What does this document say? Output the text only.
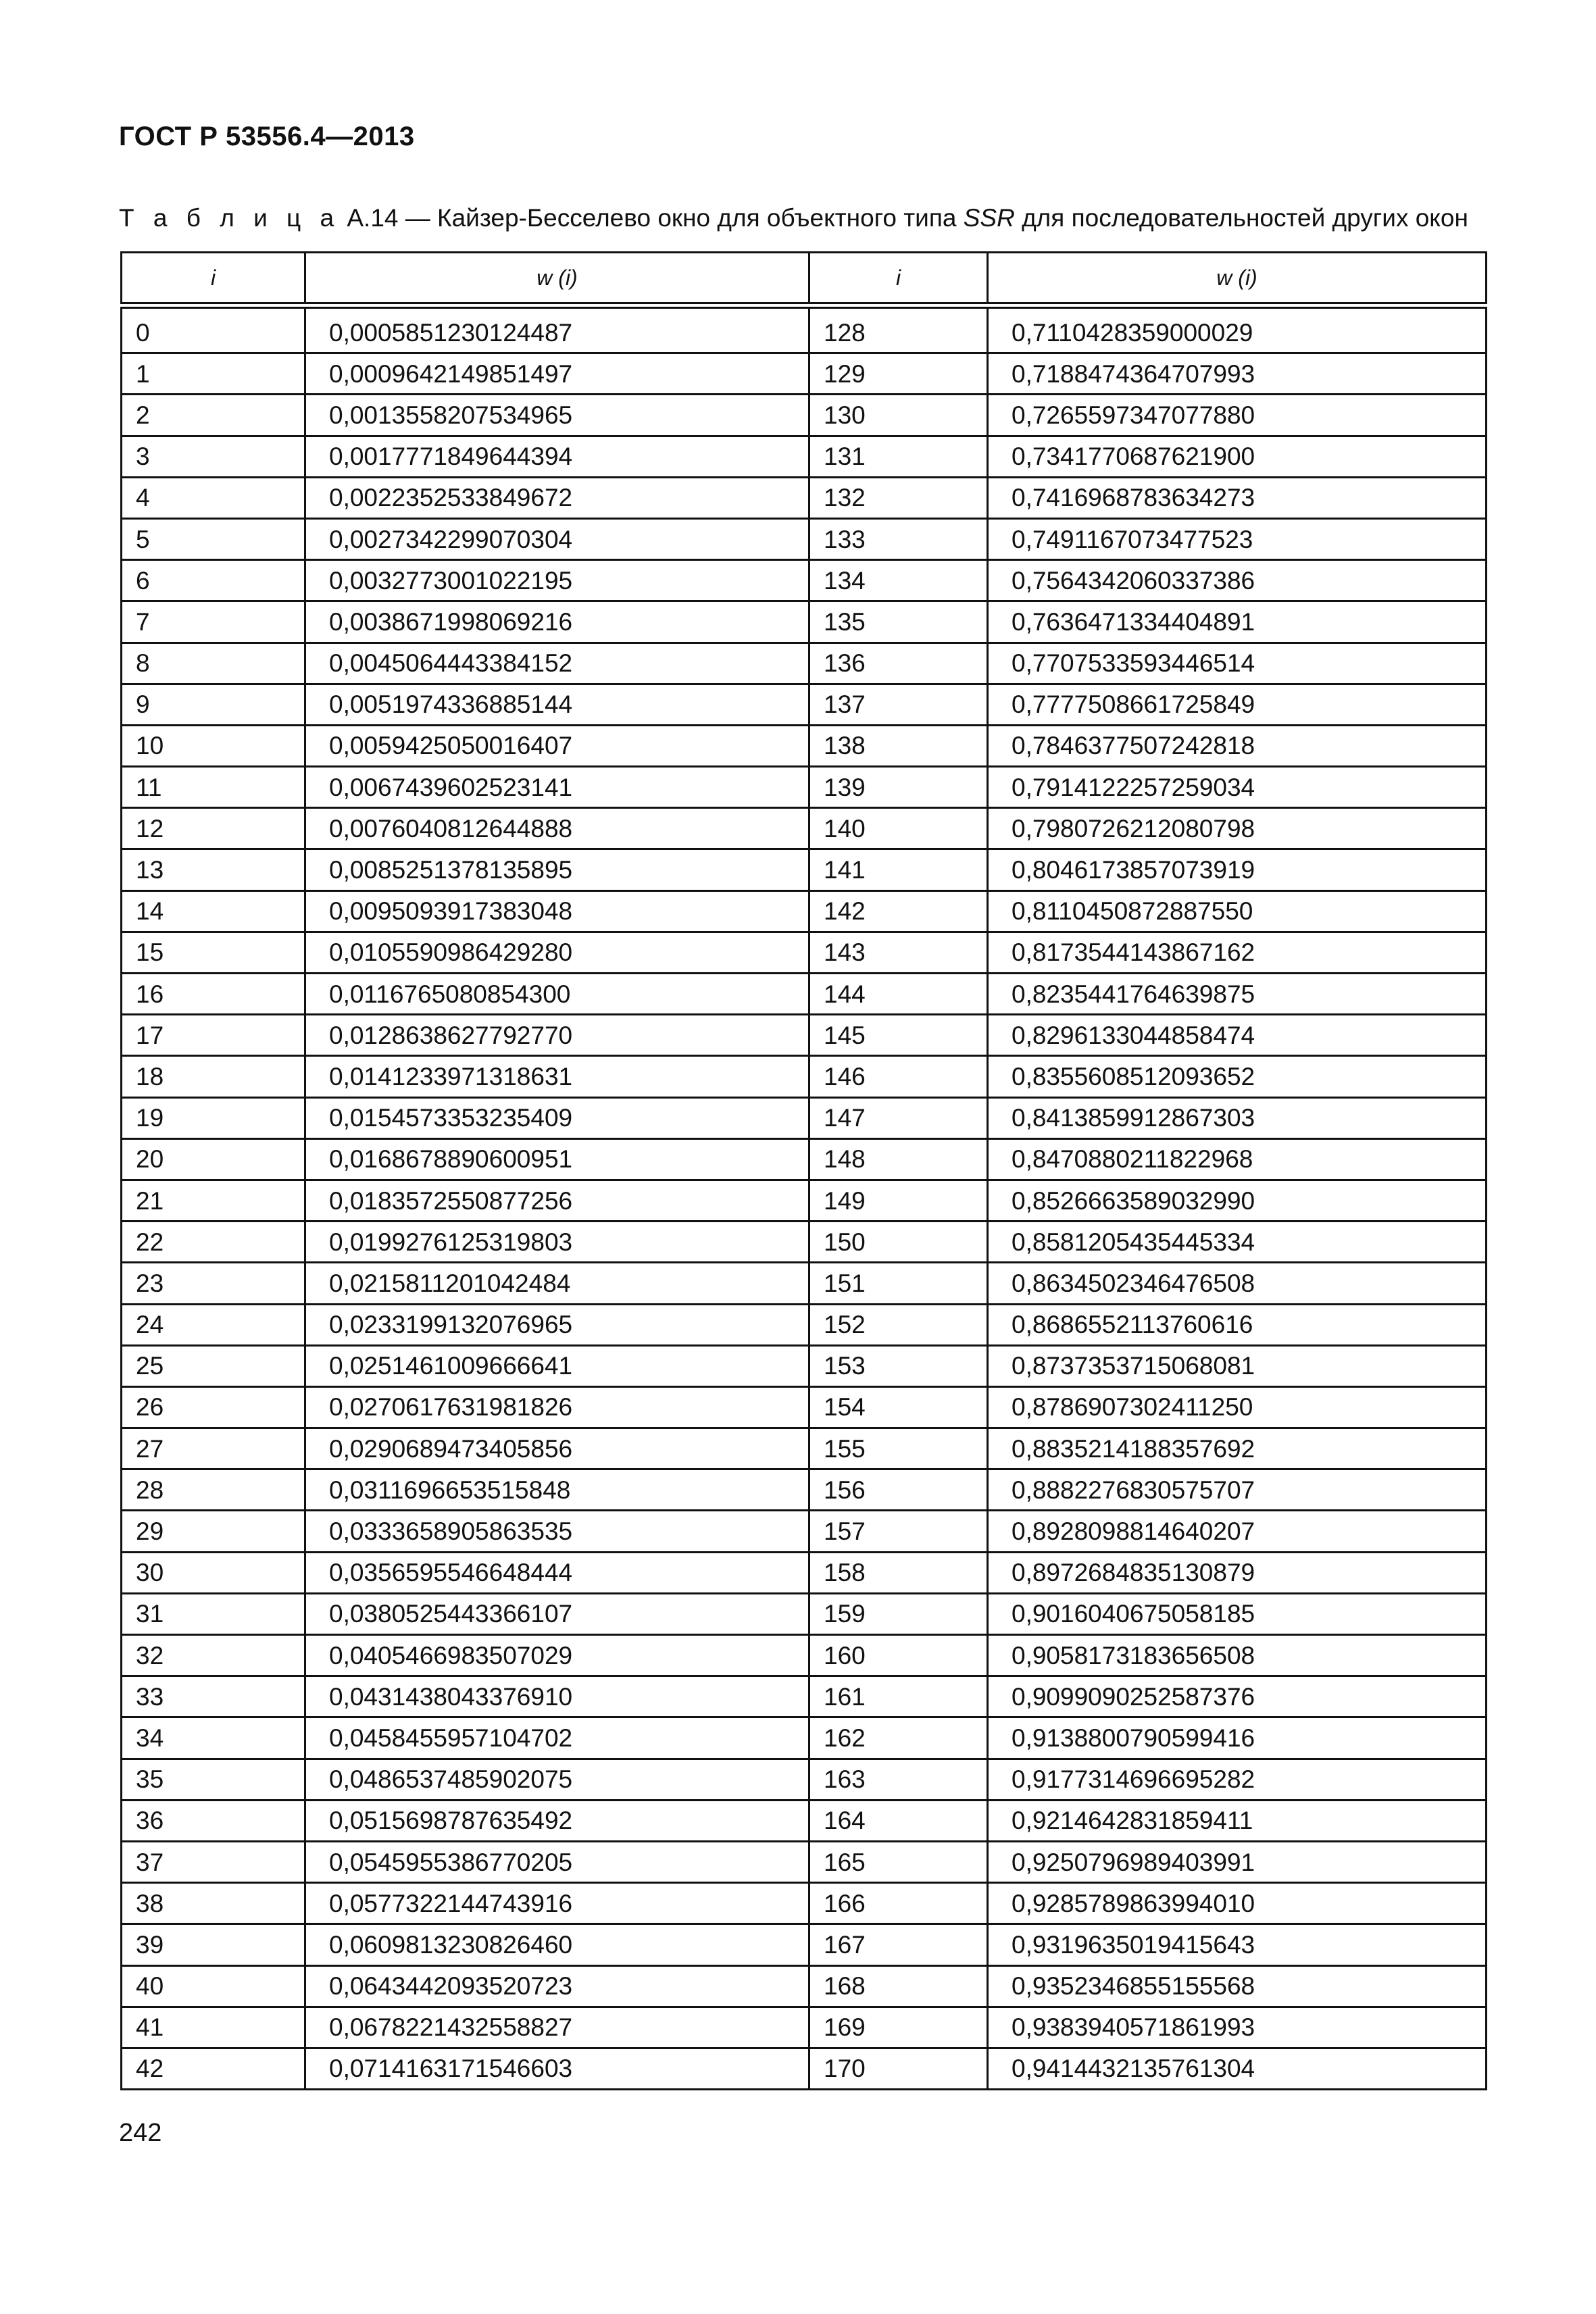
ГОСТ Р 53556.4—2013
Т а б л и ц а А.14 — Кайзер-Бесселево окно для объектного типа SSR для последовательностей других окон
i	w (i)	i	w (i)
0	0,0005851230124487	128	0,7110428359000029
1	0,0009642149851497	129	0,7188474364707993
2	0,0013558207534965	130	0,7265597347077880
3	0,0017771849644394	131	0,7341770687621900
4	0,0022352533849672	132	0,7416968783634273
5	0,0027342299070304	133	0,7491167073477523
6	0,0032773001022195	134	0,7564342060337386
7	0,0038671998069216	135	0,7636471334404891
8	0,0045064443384152	136	0,7707533593446514
9	0,0051974336885144	137	0,7777508661725849
10	0,0059425050016407	138	0,7846377507242818
11	0,0067439602523141	139	0,7914122257259034
12	0,0076040812644888	140	0,7980726212080798
13	0,0085251378135895	141	0,8046173857073919
14	0,0095093917383048	142	0,8110450872887550
15	0,0105590986429280	143	0,8173544143867162
16	0,0116765080854300	144	0,8235441764639875
17	0,0128638627792770	145	0,8296133044858474
18	0,0141233971318631	146	0,8355608512093652
19	0,0154573353235409	147	0,8413859912867303
20	0,0168678890600951	148	0,8470880211822968
21	0,0183572550877256	149	0,8526663589032990
22	0,0199276125319803	150	0,8581205435445334
23	0,0215811201042484	151	0,8634502346476508
24	0,0233199132076965	152	0,8686552113760616
25	0,0251461009666641	153	0,8737353715068081
26	0,0270617631981826	154	0,8786907302411250
27	0,0290689473405856	155	0,8835214188357692
28	0,0311696653515848	156	0,8882276830575707
29	0,0333658905863535	157	0,8928098814640207
30	0,0356595546648444	158	0,8972684835130879
31	0,0380525443366107	159	0,9016040675058185
32	0,0405466983507029	160	0,9058173183656508
33	0,0431438043376910	161	0,9099090252587376
34	0,0458455957104702	162	0,9138800790599416
35	0,0486537485902075	163	0,9177314696695282
36	0,0515698787635492	164	0,9214642831859411
37	0,0545955386770205	165	0,9250796989403991
38	0,0577322144743916	166	0,9285789863994010
39	0,0609813230826460	167	0,9319635019415643
40	0,0643442093520723	168	0,9352346855155568
41	0,0678221432558827	169	0,9383940571861993
42	0,0714163171546603	170	0,9414432135761304
242
